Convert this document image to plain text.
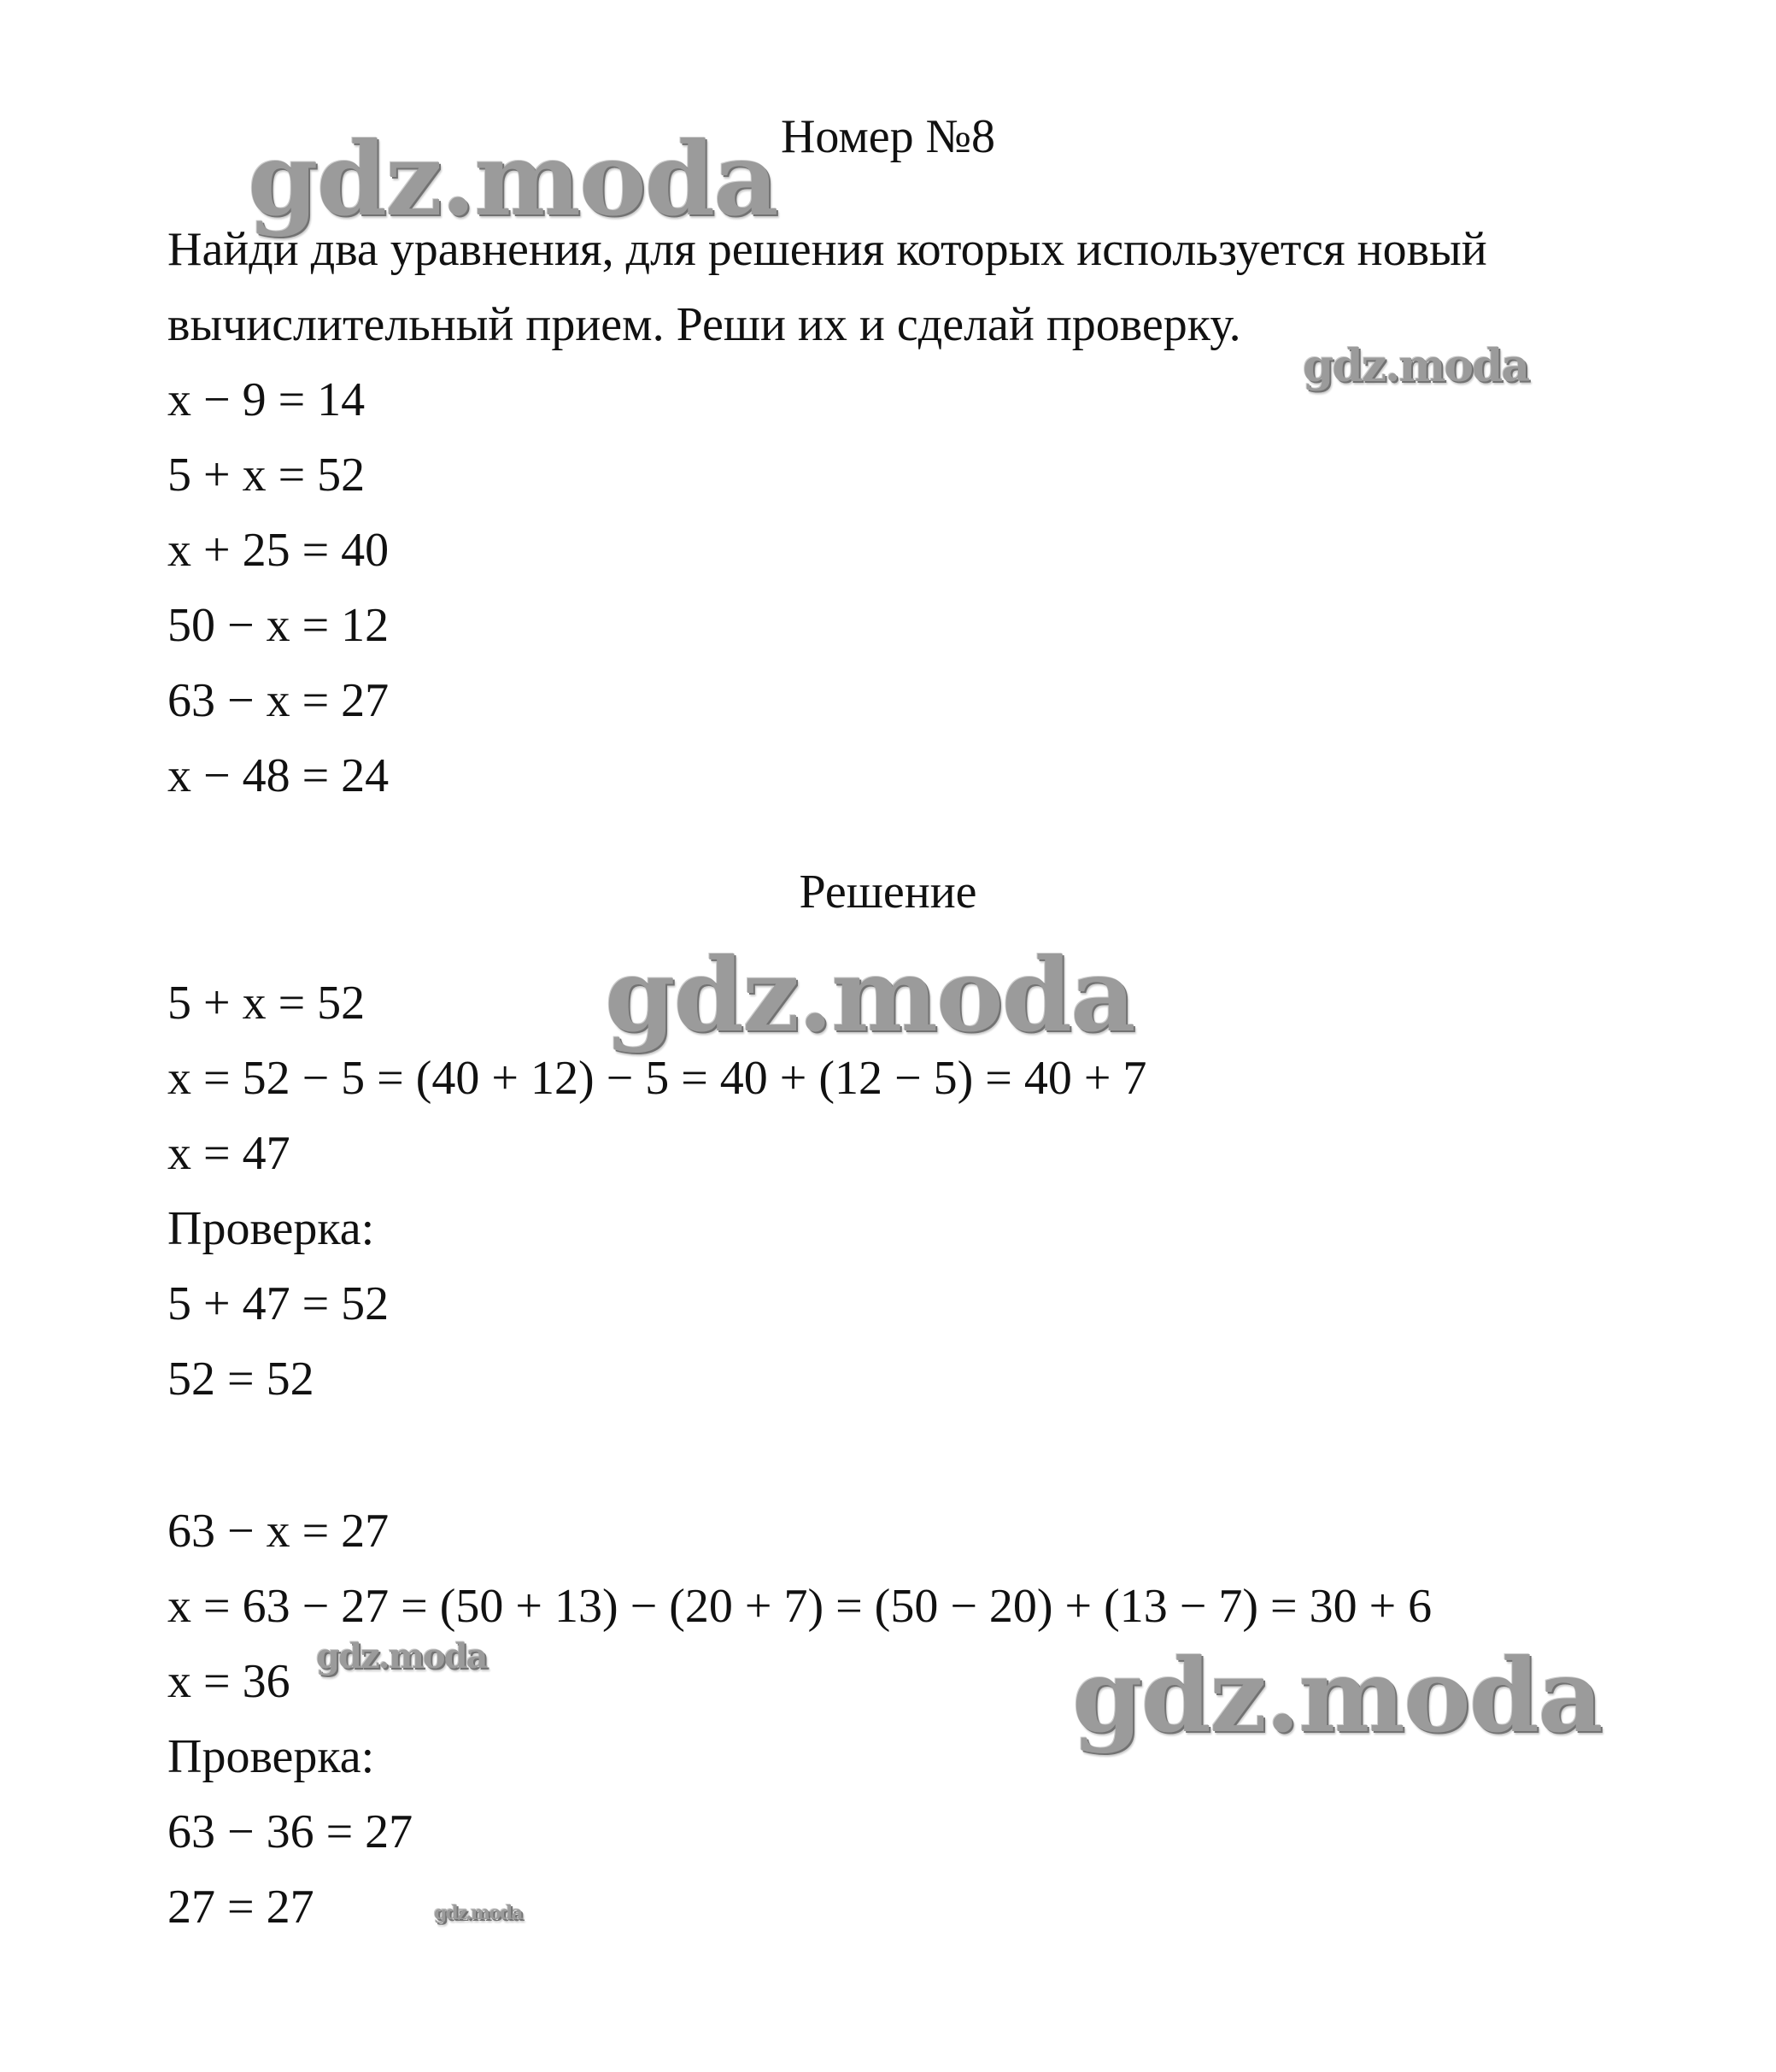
gdz.moda
gdz.moda
gdz.moda
gdz.moda	gdz.moda
gdz.moda
Номер №8
Найди два уравнения, для решения которых используется новый
вычислительный прием. Реши их и сделай проверку.
x − 9 = 14
5 + x = 52
x + 25 = 40
50 − x = 12
63 − x = 27
x − 48 = 24
Решение
5 + x = 52
x = 52 − 5 = (40 + 12) − 5 = 40 + (12 − 5) = 40 + 7
x = 47
Проверка:
5 + 47 = 52
52 = 52
63 − x = 27
x = 63 − 27 = (50 + 13) − (20 + 7) = (50 − 20) + (13 − 7) = 30 + 6
x = 36
Проверка:
63 − 36 = 27
27 = 27
